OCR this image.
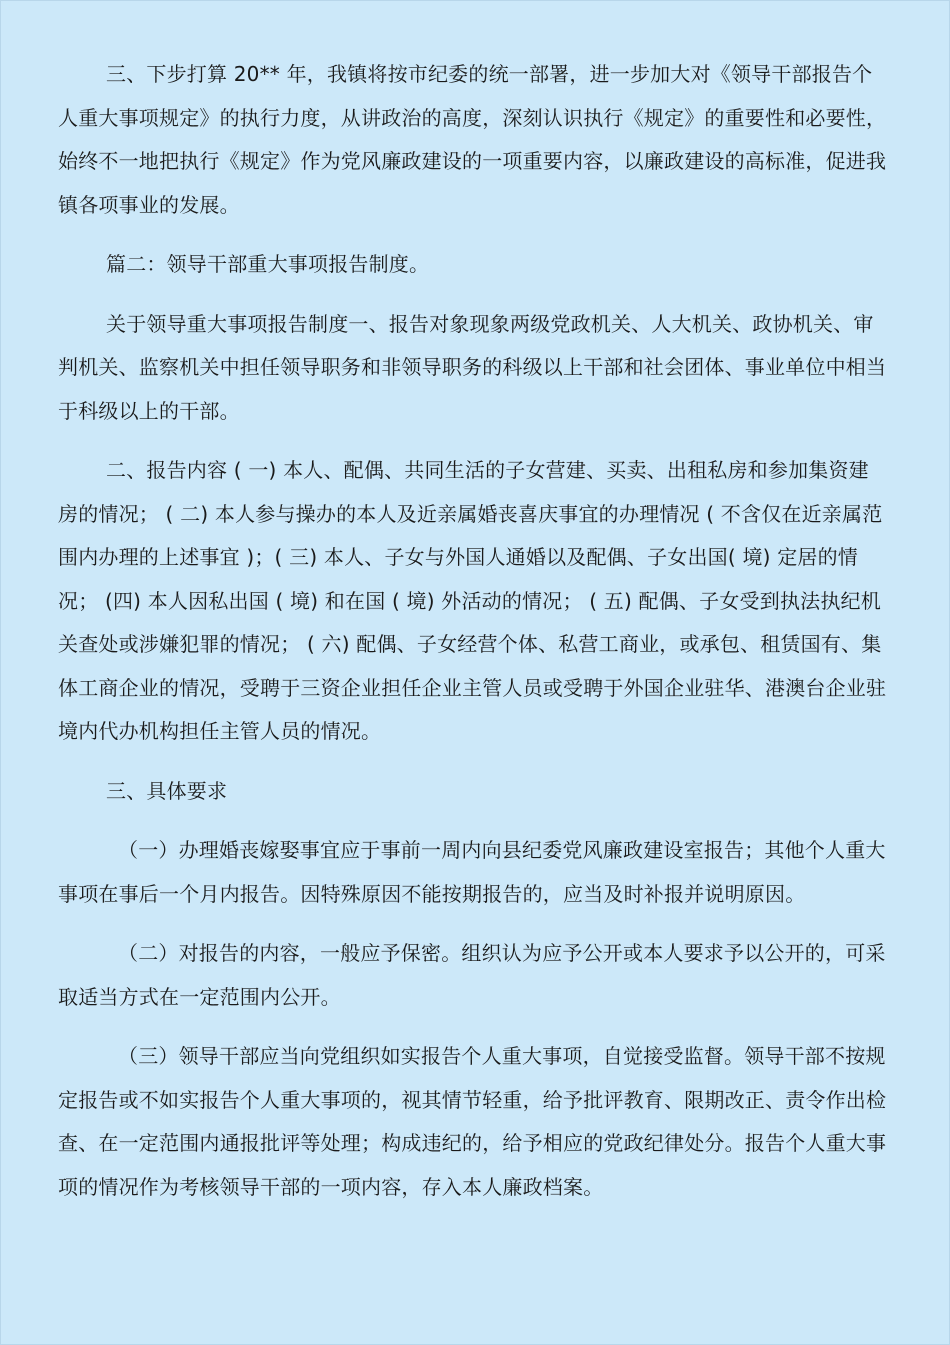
三、下步打算 20** 年，我镇将按市纪委的统一部署，进一步加大对《领导干部报告个人重大事项规定》的执行力度，从讲政治的高度，深刻认识执行《规定》的重要性和必要性，始终不一地把执行《规定》作为党风廉政建设的一项重要内容，以廉政建设的高标准，促进我镇各项事业的发展。

篇二：领导干部重大事项报告制度。

关于领导重大事项报告制度一、报告对象现象两级党政机关、人大机关、政协机关、审判机关、监察机关中担任领导职务和非领导职务的科级以上干部和社会团体、事业单位中相当于科级以上的干部。

二、报告内容 ( 一) 本人、配偶、共同生活的子女营建、买卖、出租私房和参加集资建房的情况； ( 二) 本人参与操办的本人及近亲属婚丧喜庆事宜的办理情况 ( 不含仅在近亲属范围内办理的上述事宜 )；( 三) 本人、子女与外国人通婚以及配偶、子女出国( 境) 定居的情况； (四) 本人因私出国 ( 境) 和在国 ( 境) 外活动的情况； ( 五) 配偶、子女受到执法执纪机关查处或涉嫌犯罪的情况； ( 六) 配偶、子女经营个体、私营工商业，或承包、租赁国有、集体工商企业的情况，受聘于三资企业担任企业主管人员或受聘于外国企业驻华、港澳台企业驻境内代办机构担任主管人员的情况。

三、具体要求

（一）办理婚丧嫁娶事宜应于事前一周内向县纪委党风廉政建设室报告；其他个人重大事项在事后一个月内报告。因特殊原因不能按期报告的，应当及时补报并说明原因。

（二）对报告的内容，一般应予保密。组织认为应予公开或本人要求予以公开的，可采取适当方式在一定范围内公开。

（三）领导干部应当向党组织如实报告个人重大事项，自觉接受监督。领导干部不按规定报告或不如实报告个人重大事项的，视其情节轻重，给予批评教育、限期改正、责令作出检查、在一定范围内通报批评等处理；构成违纪的，给予相应的党政纪律处分。报告个人重大事项的情况作为考核领导干部的一项内容，存入本人廉政档案。
